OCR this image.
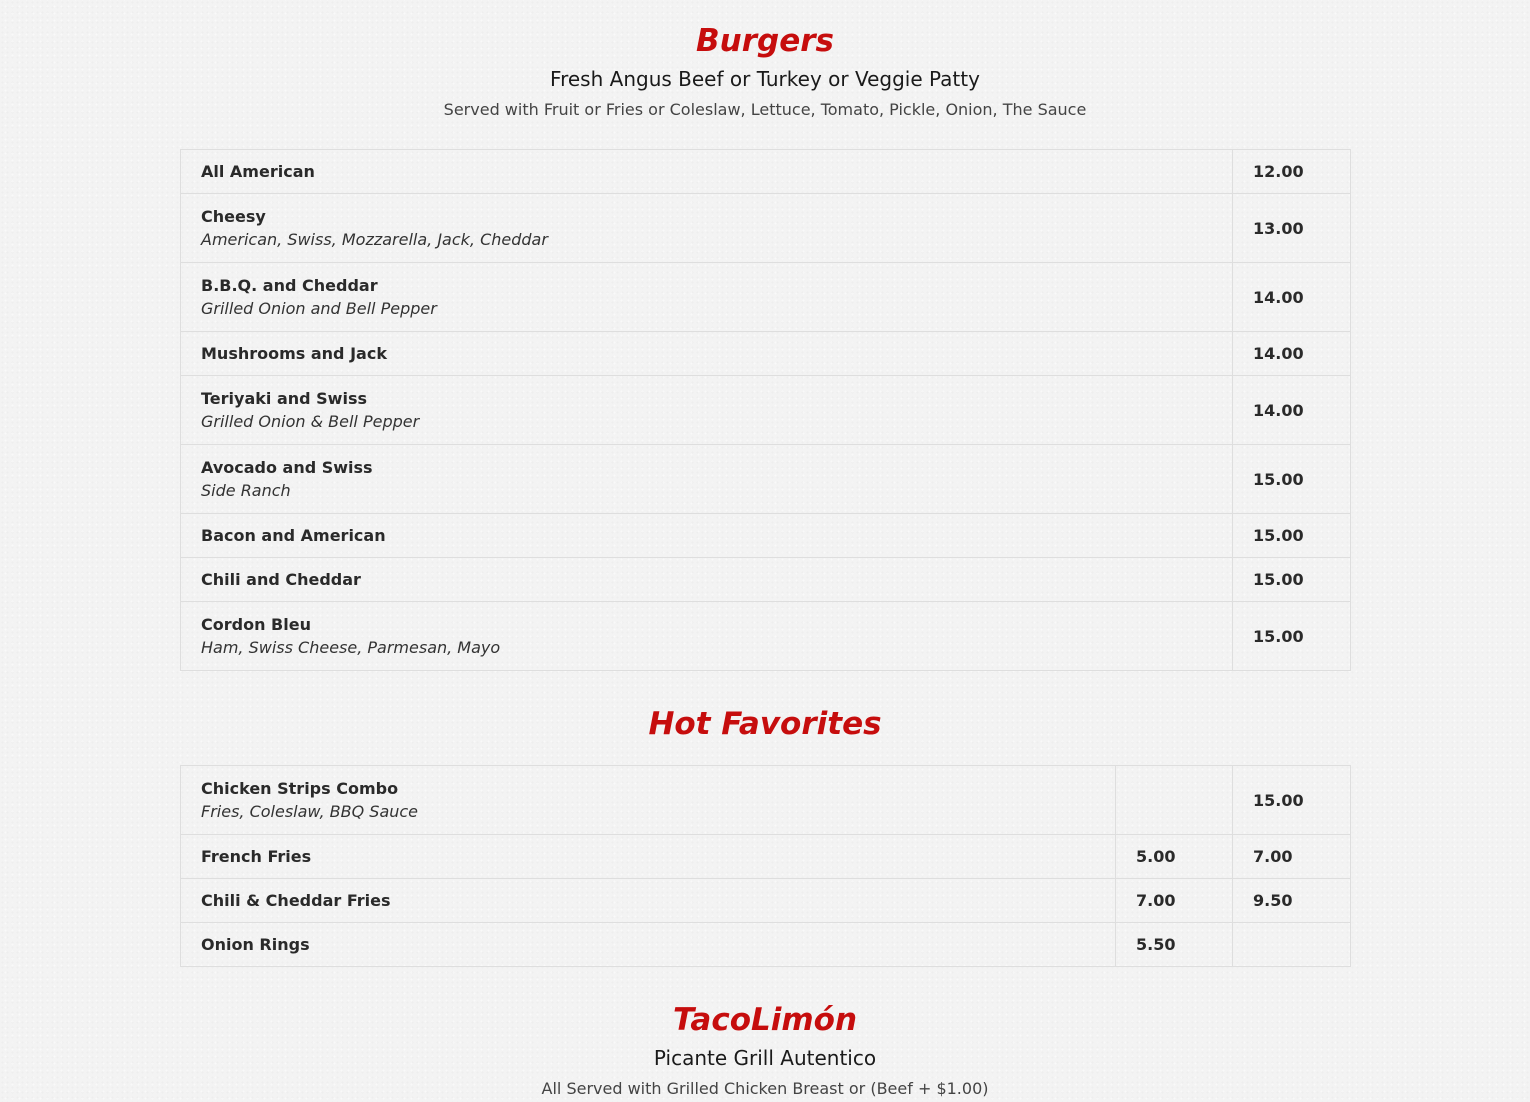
Burgers

Fresh Angus Beef or Turkey or Veggie Patty

Served with Fruit or Fries or Coleslaw, Lettuce, Tomato, Pickle, Onion, The Sauce

All American	12.00

Cheesy
American, Swiss, Mozzarella, Jack, Cheddar	13.00

B.B.Q. and Cheddar
Grilled Onion and Bell Pepper	14.00

Mushrooms and Jack	14.00

Teriyaki and Swiss
Grilled Onion & Bell Pepper	14.00

Avocado and Swiss
Side Ranch	15.00

Bacon and American	15.00

Chili and Cheddar	15.00

Cordon Bleu
Ham, Swiss Cheese, Parmesan, Mayo	15.00
Hot Favorites
Chicken Strips Combo
Fries, Coleslaw, BBQ Sauce		15.00

French Fries	5.00	7.00

Chili & Cheddar Fries	7.00	9.50

Onion Rings	5.50	
TacoLimón

Picante Grill Autentico

All Served with Grilled Chicken Breast or (Beef + $1.00)
